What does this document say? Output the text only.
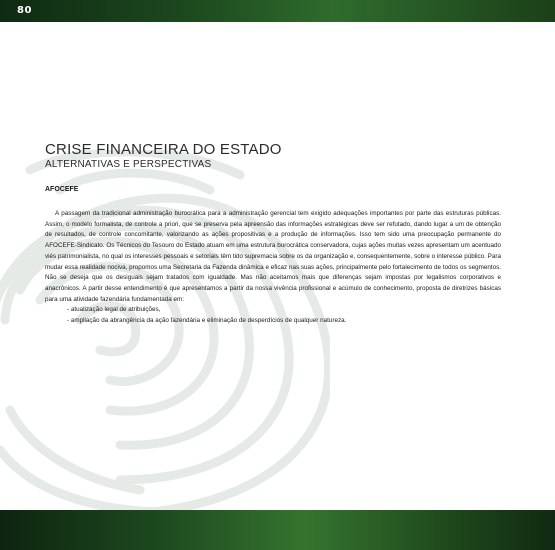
80
CRISE FINANCEIRA DO ESTADO
ALTERNATIVAS E PERSPECTIVAS
AFOCEFE

A passagem da tradicional administração burocrática para a administração gerencial tem exigido adequações importantes por parte das estruturas públicas. Assim, o modelo formalista, de controle a priori, que se preserva pela apreensão das informações estratégicas deve ser refutado, dando lugar a um de obtenção de resultados, de controle concomitante, valorizando as ações propositivas e a produção de informações. Isso tem sido uma preocupação permanente do AFOCEFE-Sindicato. Os Técnicos do Tesouro do Estado atuam em uma estrutura burocrática conservadora, cujas ações muitas vezes apresentam um acentuado viés patrimonialista, no qual os interesses pessoais e setoriais têm tido supremacia sobre os da organização e, consequentemente, sobre o interesse público. Para mudar essa realidade nociva, propomos uma Secretaria da Fazenda dinâmica e eficaz nas suas ações, principalmente pelo fortalecimento de todos os segmentos. Não se deseja que os desiguais sejam tratados com igualdade. Mas não aceitamos mais que diferenças sejam impostas por legalismos corporativos e anacrônicos. A partir desse entendimento é que apresentamos a partir da nossa vivência profissional e acúmulo de conhecimento, proposta de diretrizes básicas para uma atividade fazendária fundamentada em:

- atualização legal de atribuições,
- ampliação da abrangência da ação fazendária e eliminação de desperdícios de qualquer natureza.
